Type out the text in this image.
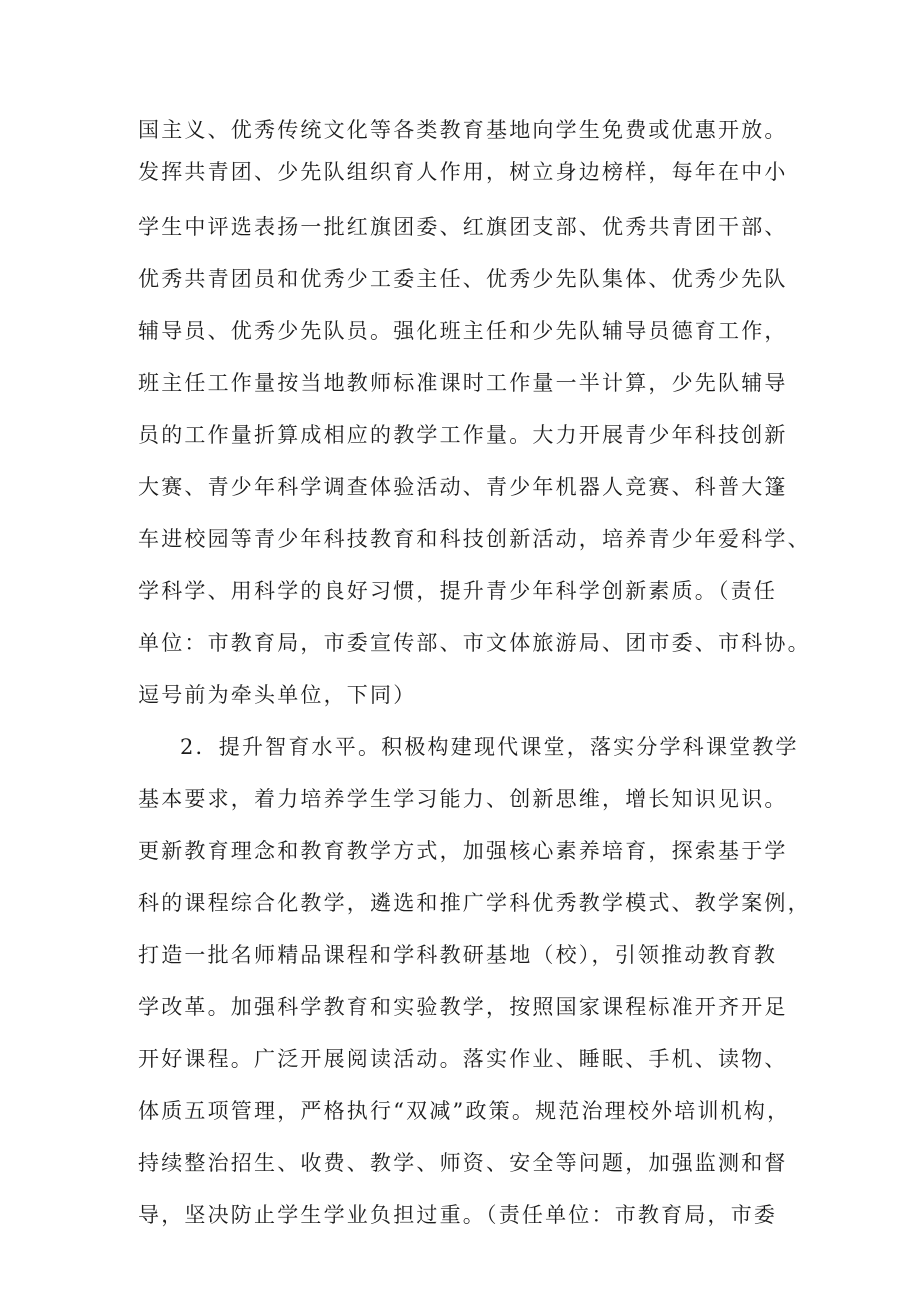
国主义、优秀传统文化等各类教育基地向学生免费或优惠开放。
发挥共青团、少先队组织育人作用，树立身边榜样，每年在中小
学生中评选表扬一批红旗团委、红旗团支部、优秀共青团干部、
优秀共青团员和优秀少工委主任、优秀少先队集体、优秀少先队
辅导员、优秀少先队员。强化班主任和少先队辅导员德育工作，
班主任工作量按当地教师标准课时工作量一半计算，少先队辅导
员的工作量折算成相应的教学工作量。大力开展青少年科技创新
大赛、青少年科学调查体验活动、青少年机器人竞赛、科普大篷
车进校园等青少年科技教育和科技创新活动，培养青少年爱科学、
学科学、用科学的良好习惯，提升青少年科学创新素质。（责任
单位：市教育局，市委宣传部、市文体旅游局、团市委、市科协。
逗号前为牵头单位，下同）
2．提升智育水平。积极构建现代课堂，落实分学科课堂教学
基本要求，着力培养学生学习能力、创新思维，增长知识见识。
更新教育理念和教育教学方式，加强核心素养培育，探索基于学
科的课程综合化教学，遴选和推广学科优秀教学模式、教学案例，
打造一批名师精品课程和学科教研基地（校），引领推动教育教
学改革。加强科学教育和实验教学，按照国家课程标准开齐开足
开好课程。广泛开展阅读活动。落实作业、睡眠、手机、读物、
体质五项管理，严格执行“双减”政策。规范治理校外培训机构，
持续整治招生、收费、教学、师资、安全等问题，加强监测和督
导，坚决防止学生学业负担过重。（责任单位：市教育局，市委
